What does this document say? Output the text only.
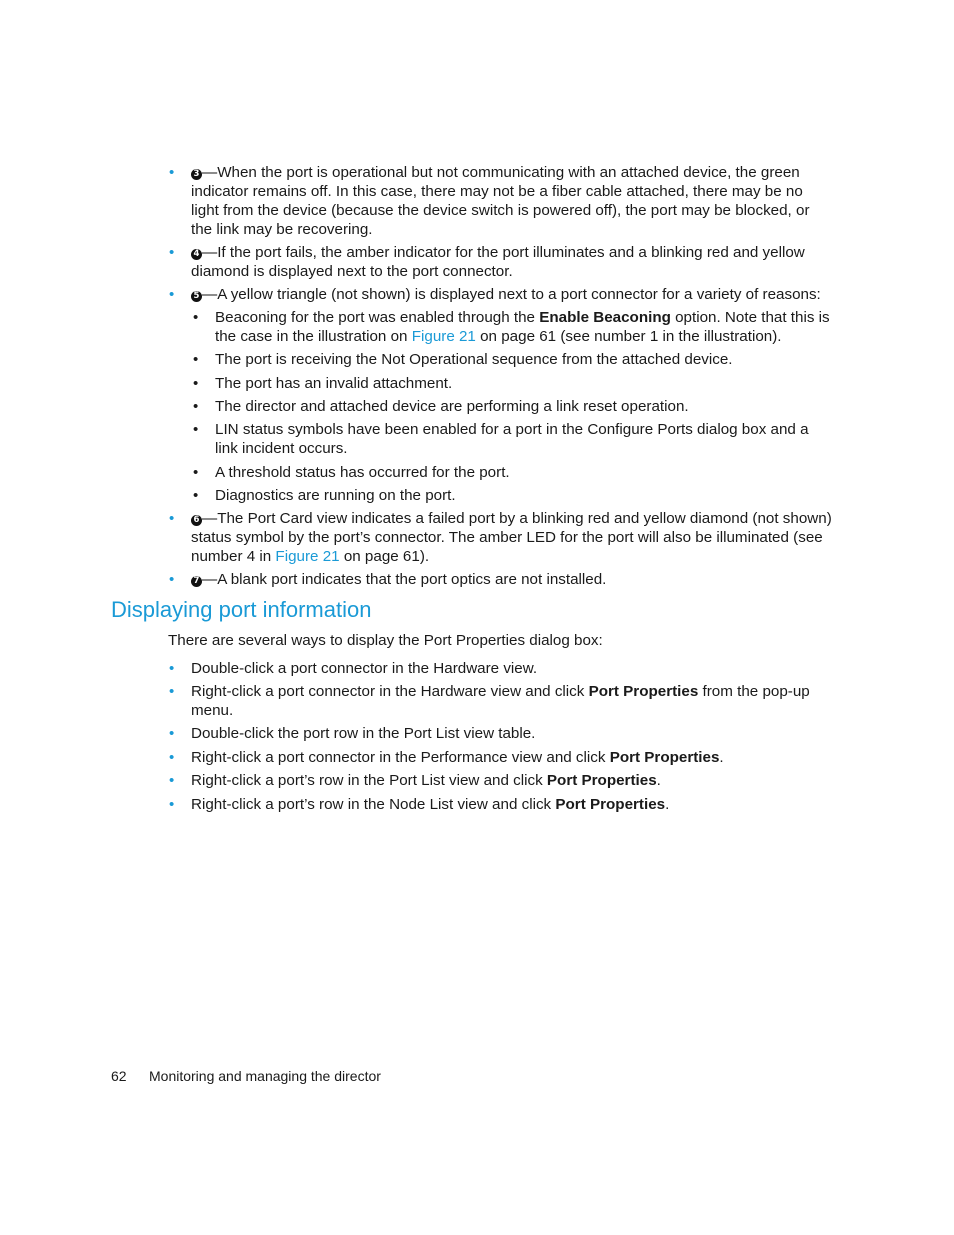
• 3 —When the port is operational but not communicating with an attached device, the green indicator remains off. In this case, there may not be a fiber cable attached, there may be no light from the device (because the device switch is powered off), the port may be blocked, or the link may be recovering.
• 4 —If the port fails, the amber indicator for the port illuminates and a blinking red and yellow diamond is displayed next to the port connector.
• 5 —A yellow triangle (not shown) is displayed next to a port connector for a variety of reasons:
• Beaconing for the port was enabled through the Enable Beaconing option. Note that this is the case in the illustration on Figure 21 on page 61 (see number 1 in the illustration).
• The port is receiving the Not Operational sequence from the attached device.
• The port has an invalid attachment.
• The director and attached device are performing a link reset operation.
• LIN status symbols have been enabled for a port in the Configure Ports dialog box and a link incident occurs.
• A threshold status has occurred for the port.
• Diagnostics are running on the port.
• 6 —The Port Card view indicates a failed port by a blinking red and yellow diamond (not shown) status symbol by the port’s connector. The amber LED for the port will also be illuminated (see number 4 in Figure 21 on page 61).
• 7 —A blank port indicates that the port optics are not installed.
Displaying port information
There are several ways to display the Port Properties dialog box:
• Double-click a port connector in the Hardware view.
• Right-click a port connector in the Hardware view and click Port Properties from the pop-up menu.
• Double-click the port row in the Port List view table.
• Right-click a port connector in the Performance view and click Port Properties.
• Right-click a port’s row in the Port List view and click Port Properties.
• Right-click a port’s row in the Node List view and click Port Properties.
62 Monitoring and managing the director
